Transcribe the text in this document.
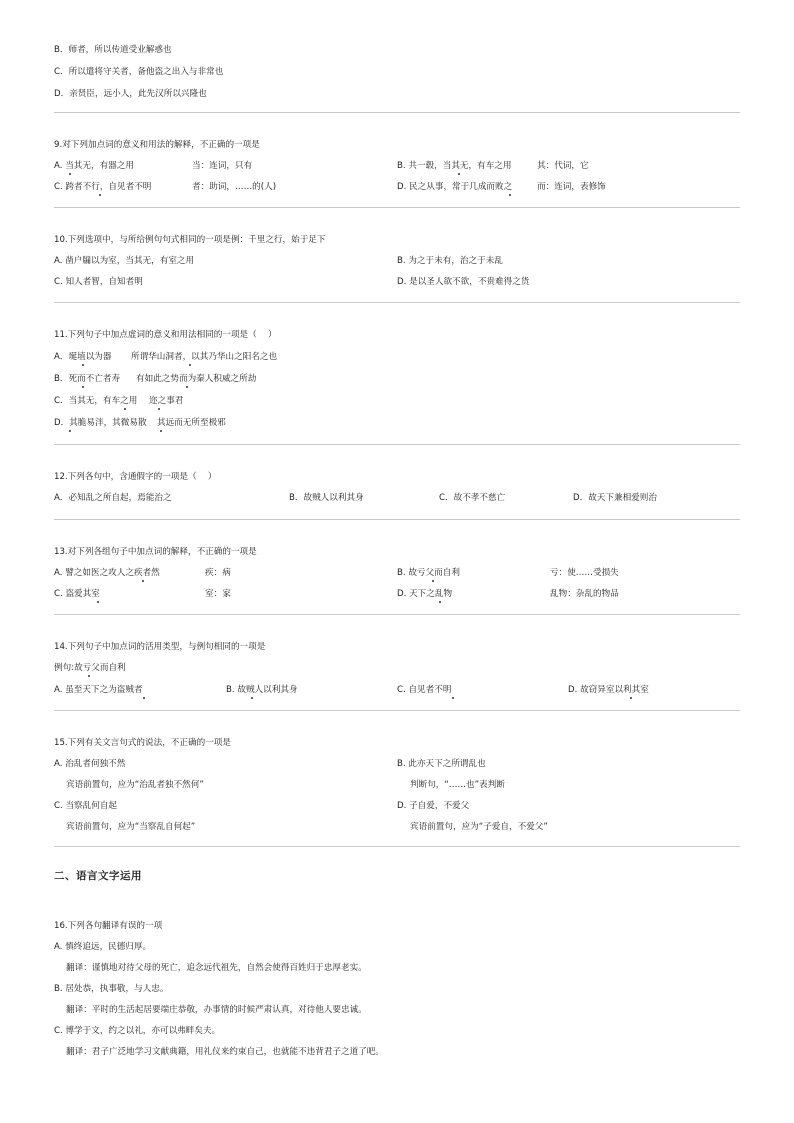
B．师者，所以传道受业解惑也
C．所以遣将守关者，备他盗之出入与非常也
D．亲贤臣，远小人，此先汉所以兴隆也
9.对下列加点词的意义和用法的解释，不正确的一项是
A. 当其无，有器之用	当：连词，只有	B. 共一毂，当其无，有车之用	其：代词，它
C. 跨者不行，自见者不明	者：助词，……的(人)	D. 民之从事，常于几成而败之	而：连词，表修饰
10.下列选项中，与所给例句句式相同的一项是例：千里之行，始于足下
A. 凿户牖以为室，当其无，有室之用	B. 为之于未有，治之于未乱
C. 知人者智，自知者明	D. 是以圣人欲不欲，不贵难得之货
11.下列句子中加点虚词的意义和用法相同的一项是（　 ）
A．埏埴以为器 所谓华山洞者，以其乃华山之阳名之也
B．死而不亡者寿 有如此之势而为秦人积威之所劫
C．当其无，有车之用 迩之事君
D．其脆易泮，其微易散 其远而无所至极邪
12.下列各句中，含通假字的一项是（　 ）
A．必知乱之所自起，焉能治之	B．故贼人以利其身	C．故不孝不慈亡	D．故天下兼相爱则治
13.对下列各组句子中加点词的解释，不正确的一项是
A. 譬之如医之攻人之疾者然	疾：病	B. 故亏父而自利	亏：使……受损失
C. 盗爱其室	室：家	D. 天下之乱物	乱物：杂乱的物品
14.下列句子中加点词的活用类型，与例句相同的一项是
例句:故亏父而自利
A. 虽至天下之为盗贼者	B. 故贼人以利其身	C. 自见者不明	D. 故窃异室以利其室
15.下列有关文言句式的说法，不正确的一项是
A. 治乱者何独不然	B. 此亦天下之所谓乱也
宾语前置句，应为“治乱者独不然何”	判断句，“……也”表判断
C. 当察乱何自起	D. 子自爱，不爱父
宾语前置句，应为“当察乱自何起”	宾语前置句，应为“子爱自，不爱父”
二、语言文字运用
16.下列各句翻译有误的一项
A. 慎终追远，民德归厚。
翻译：谨慎地对待父母的死亡，追念远代祖先，自然会使得百姓归于忠厚老实。
B. 居处恭，执事敬，与人忠。
翻译：平时的生活起居要端庄恭敬，办事情的时候严肃认真，对待他人要忠诚。
C. 博学于文，约之以礼，亦可以弗畔矣夫。
翻译：君子广泛地学习文献典籍，用礼仪来约束自己，也就能不违背君子之道了吧。
